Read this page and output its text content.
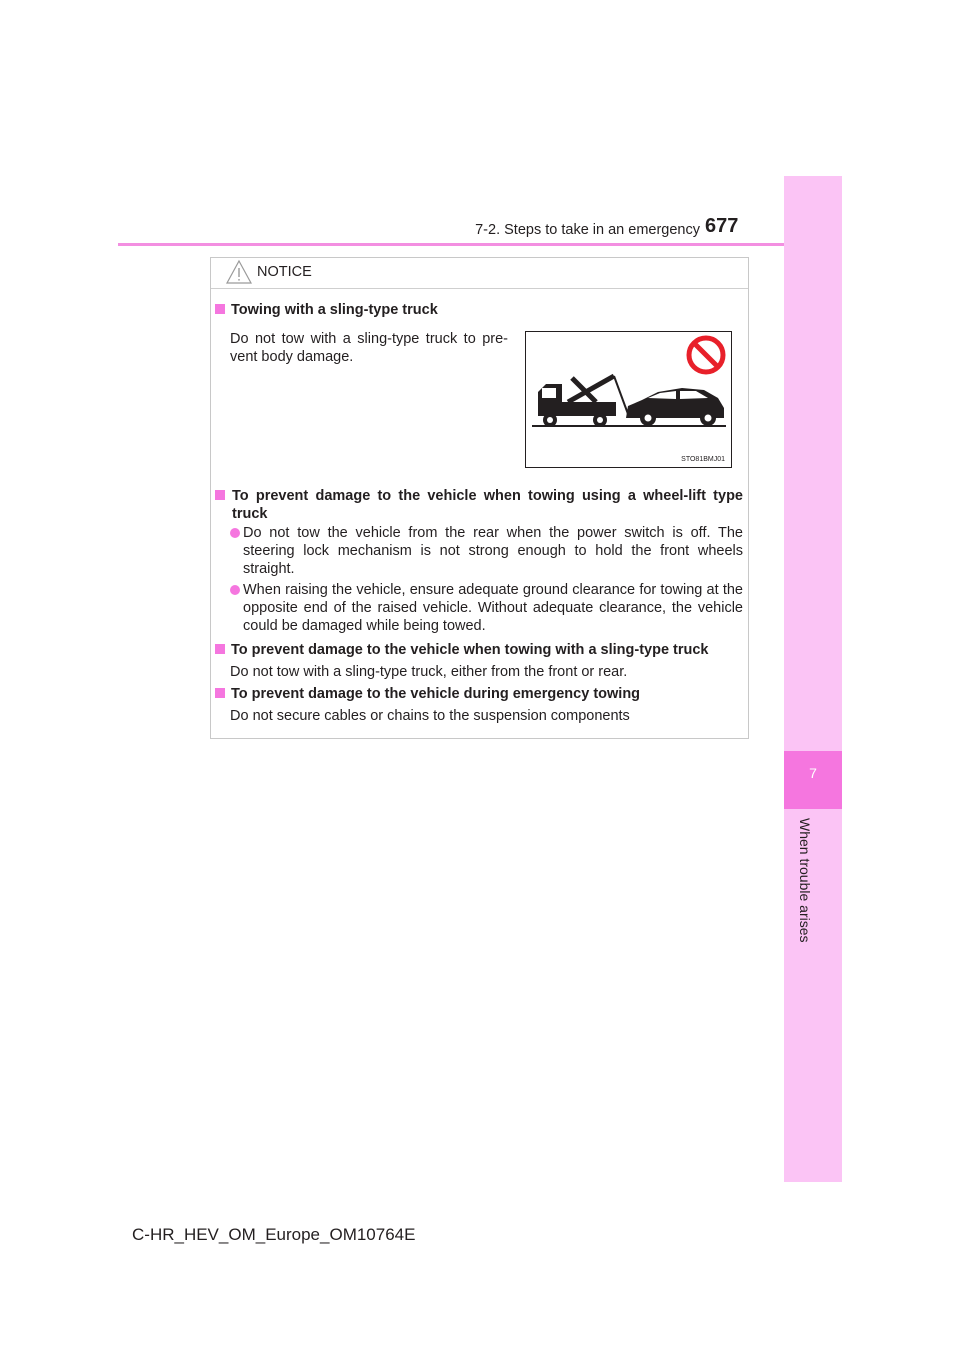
7
When trouble arises
7-2. Steps to take in an emergency 677
NOTICE
Towing with a sling-type truck
Do not tow with a sling-type truck to pre-vent body damage.
STO81BMJ01
To prevent damage to the vehicle when towing using a wheel-lift type truck
Do not tow the vehicle from the rear when the power switch is off. The steering lock mechanism is not strong enough to hold the front wheels straight.
When raising the vehicle, ensure adequate ground clearance for towing at the opposite end of the raised vehicle. Without adequate clearance, the vehicle could be damaged while being towed.
To prevent damage to the vehicle when towing with a sling-type truck
Do not tow with a sling-type truck, either from the front or rear.
To prevent damage to the vehicle during emergency towing
Do not secure cables or chains to the suspension components
C-HR_HEV_OM_Europe_OM10764E
